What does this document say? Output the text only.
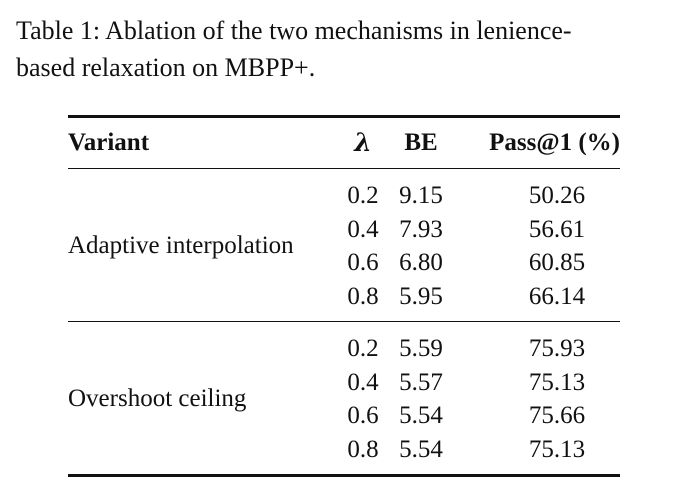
Table 1: Ablation of the two mechanisms in lenience-
based relaxation on MBPP+.

Variant	λ	BE	Pass@1 (%)
Adaptive interpolation	0.2	9.15	50.26
	0.4	7.93	56.61
	0.6	6.80	60.85
	0.8	5.95	66.14
Overshoot ceiling	0.2	5.59	75.93
	0.4	5.57	75.13
	0.6	5.54	75.66
	0.8	5.54	75.13
